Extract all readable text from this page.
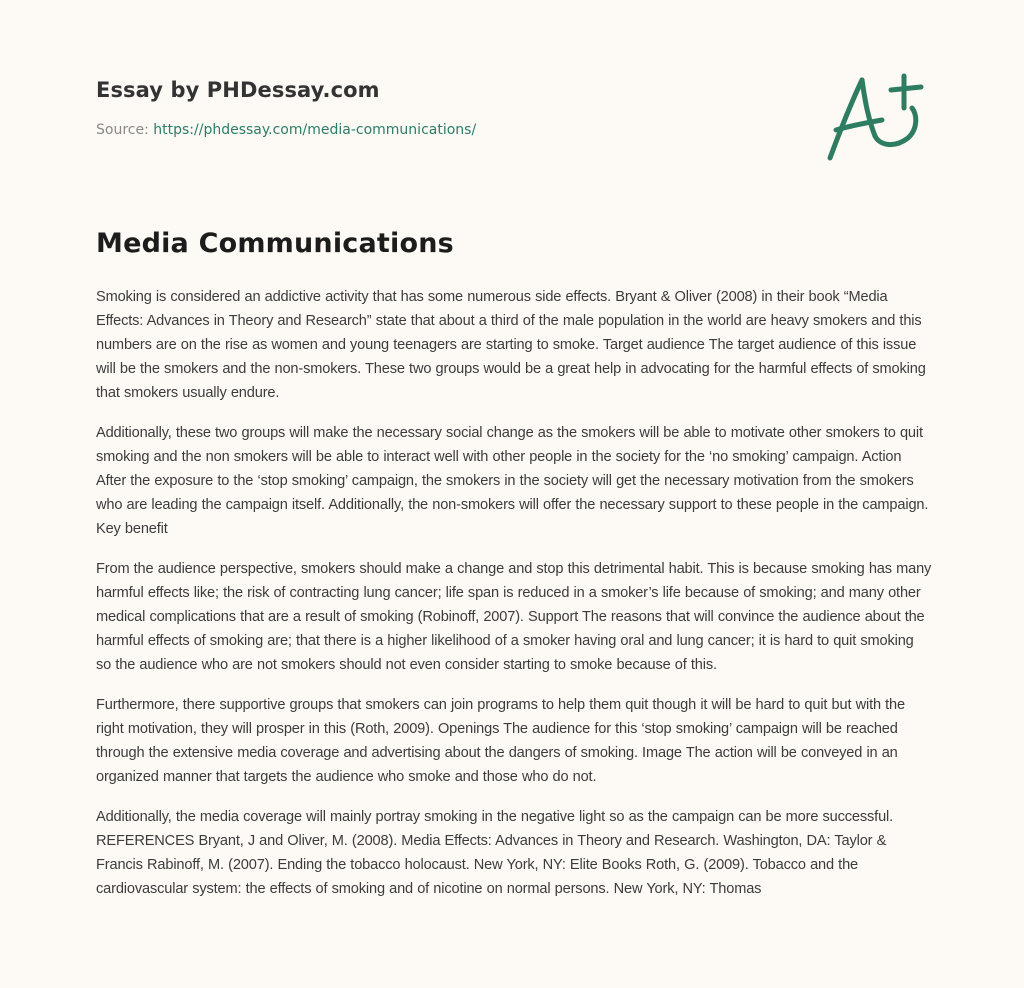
Essay by PHDessay.com
Source: https://phdessay.com/media-communications/
Media Communications

Smoking is considered an addictive activity that has some numerous side effects. Bryant & Oliver (2008) in their book “Media Effects: Advances in Theory and Research” state that about a third of the male population in the world are heavy smokers and this numbers are on the rise as women and young teenagers are starting to smoke. Target audience The target audience of this issue will be the smokers and the non-smokers. These two groups would be a great help in advocating for the harmful effects of smoking that smokers usually endure.

Additionally, these two groups will make the necessary social change as the smokers will be able to motivate other smokers to quit smoking and the non smokers will be able to interact well with other people in the society for the ‘no smoking’ campaign. Action After the exposure to the ‘stop smoking’ campaign, the smokers in the society will get the necessary motivation from the smokers who are leading the campaign itself. Additionally, the non-smokers will offer the necessary support to these people in the campaign. Key benefit

From the audience perspective, smokers should make a change and stop this detrimental habit. This is because smoking has many harmful effects like; the risk of contracting lung cancer; life span is reduced in a smoker’s life because of smoking; and many other medical complications that are a result of smoking (Robinoff, 2007). Support The reasons that will convince the audience about the harmful effects of smoking are; that there is a higher likelihood of a smoker having oral and lung cancer; it is hard to quit smoking so the audience who are not smokers should not even consider starting to smoke because of this.

Furthermore, there supportive groups that smokers can join programs to help them quit though it will be hard to quit but with the right motivation, they will prosper in this (Roth, 2009). Openings The audience for this ‘stop smoking’ campaign will be reached through the extensive media coverage and advertising about the dangers of smoking. Image The action will be conveyed in an organized manner that targets the audience who smoke and those who do not.

Additionally, the media coverage will mainly portray smoking in the negative light so as the campaign can be more successful. REFERENCES Bryant, J and Oliver, M. (2008). Media Effects: Advances in Theory and Research. Washington, DA: Taylor & Francis Rabinoff, M. (2007). Ending the tobacco holocaust. New York, NY: Elite Books Roth, G. (2009). Tobacco and the cardiovascular system: the effects of smoking and of nicotine on normal persons. New York, NY: Thomas
